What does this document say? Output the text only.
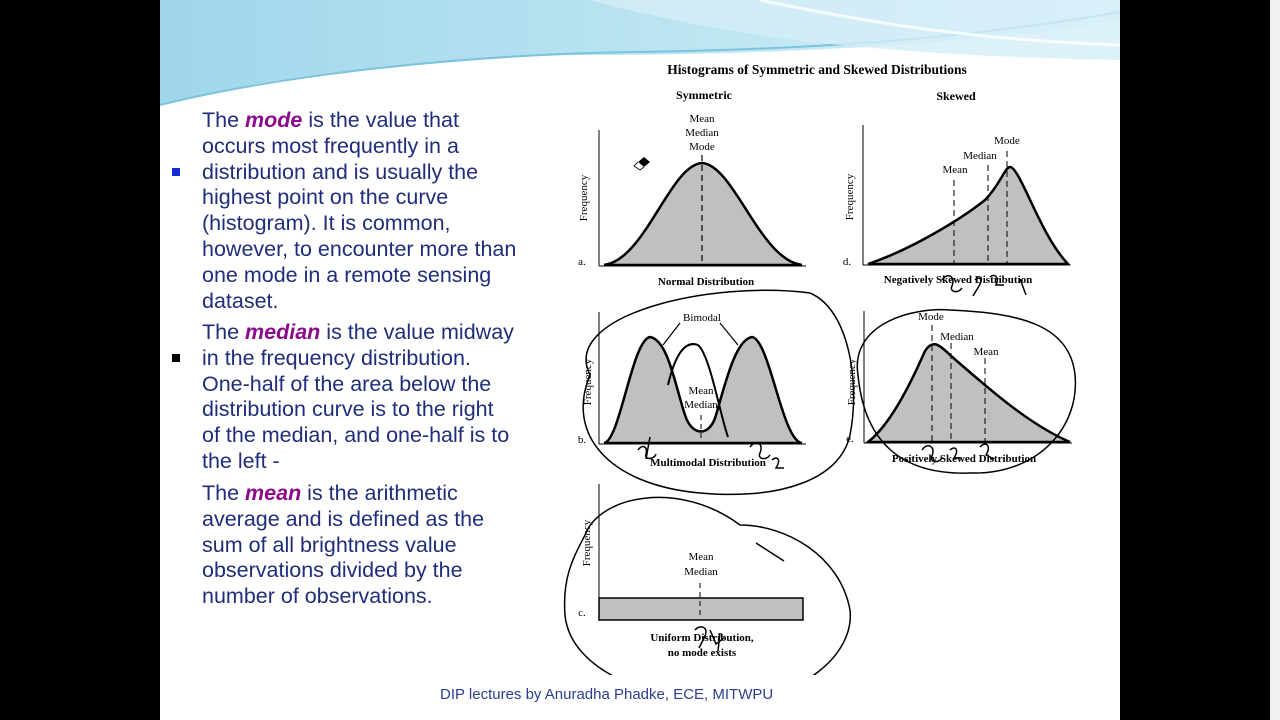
The mode is the value that
occurs most frequently in a
distribution and is usually the
highest point on the curve
(histogram). It is common,
however, to encounter more than
one mode in a remote sensing
dataset.

The median is the value midway
in the frequency distribution.
One-half of the area below the
distribution curve is to the right
of the median, and one-half is to
the left -

The mean is the arithmetic
average and is defined as the
sum of all brightness value
observations divided by the
number of observations.

Histograms of Symmetric and Skewed Distributions
Symmetric	Skewed
Mean
Median
Mode
a.
Normal Distribution
Frequency
Bimodal
Mean
Median
b.
Multimodal Distribution
Frequency
Mean
Median
c.
Uniform Distribution,
no mode exists
Frequency
Mode
Median
Mean
d.
Negatively Skewed Distribution
Frequency
Mode
Median
Mean
e.
Positively Skewed Distribution
Frequency
DIP lectures by Anuradha Phadke, ECE, MITWPU
